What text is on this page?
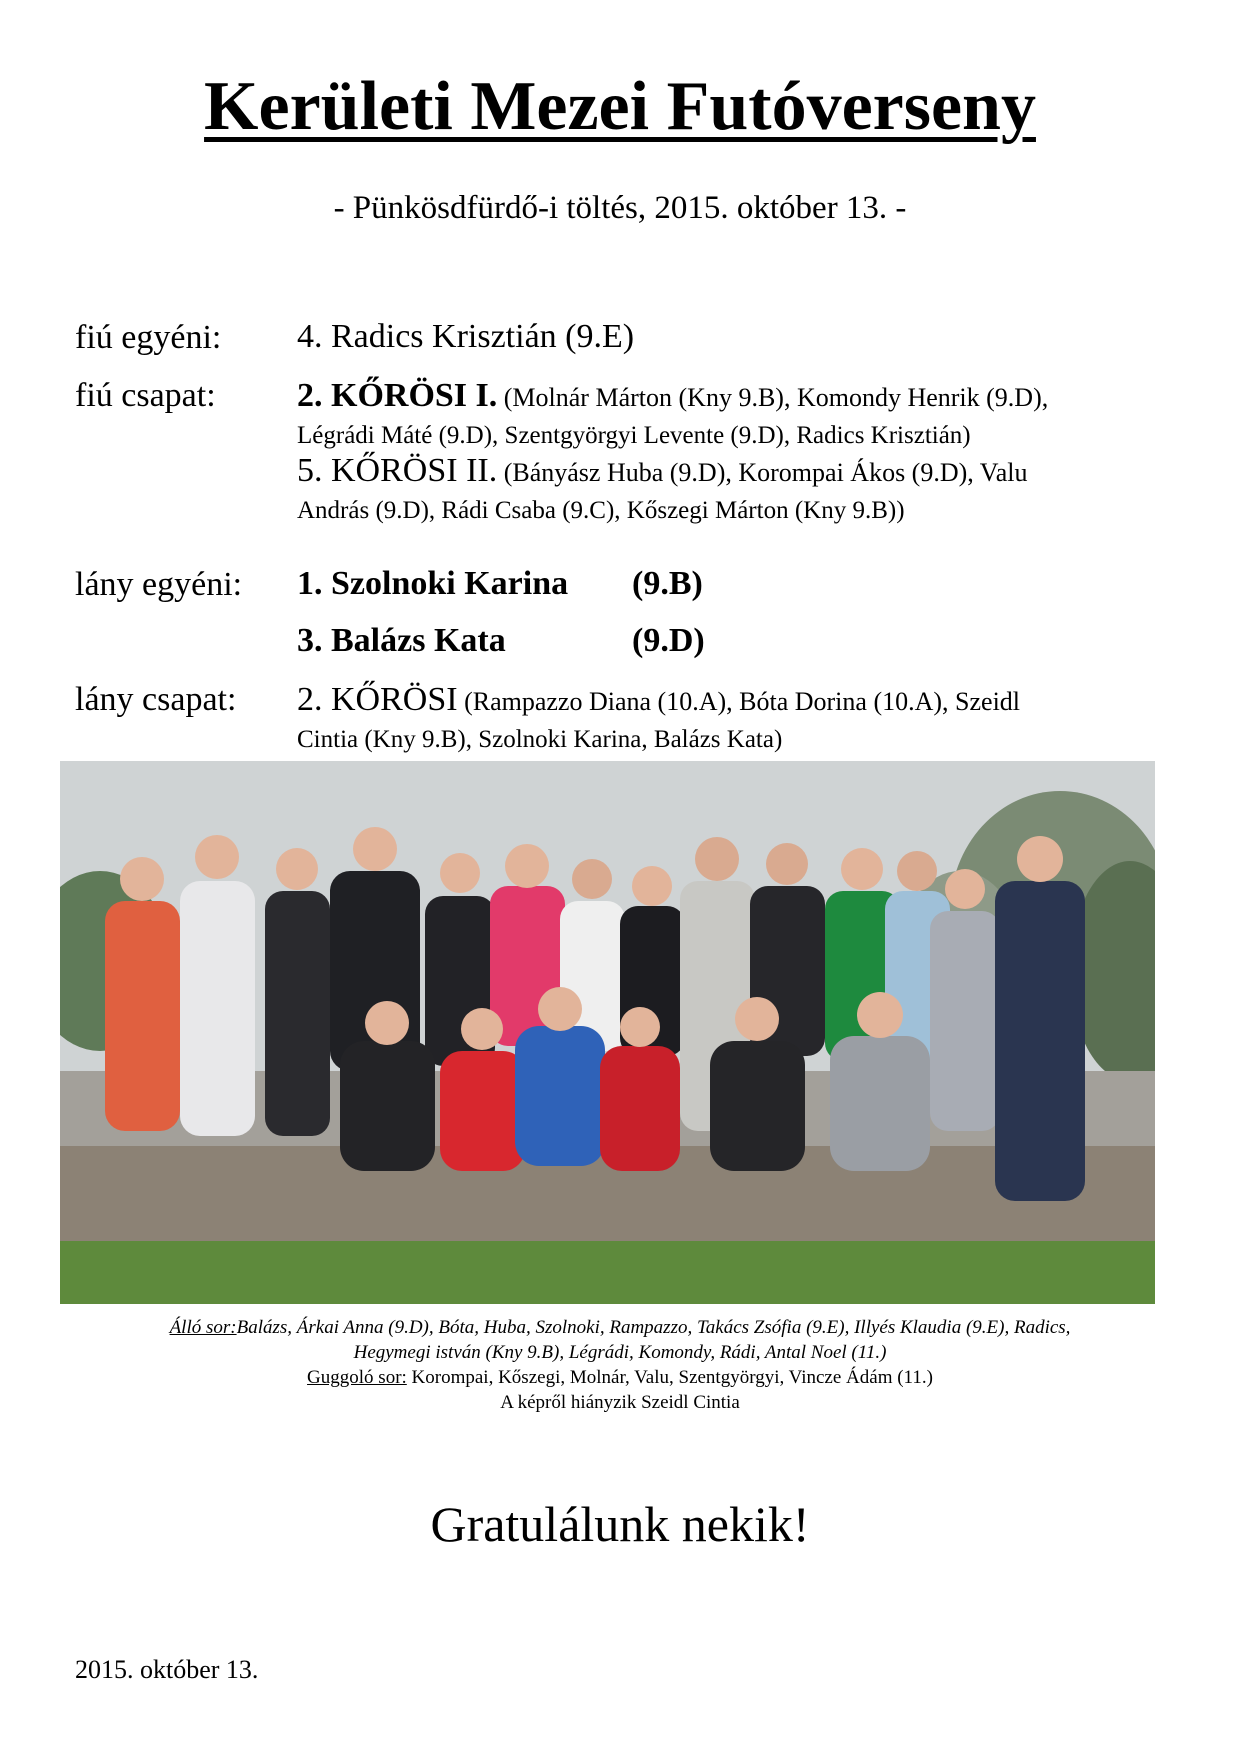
Kerületi Mezei Futóverseny
- Pünkösdfürdő-i töltés, 2015. október 13. -
fiú egyéni: 4. Radics Krisztián (9.E)
fiú csapat: 2. KŐRÖSI I. (Molnár Márton (Kny 9.B), Komondy Henrik (9.D),
Légrádi Máté (9.D), Szentgyörgyi Levente (9.D), Radics Krisztián)
5. KŐRÖSI II. (Bányász Huba (9.D), Korompai Ákos (9.D), Valu
András (9.D), Rádi Csaba (9.C), Kőszegi Márton (Kny 9.B))
lány egyéni: 1. Szolnoki Karina (9.B)
3. Balázs Kata	(9.D)
lány csapat: 2. KŐRÖSI (Rampazzo Diana (10.A), Bóta Dorina (10.A), Szeidl
Cintia (Kny 9.B), Szolnoki Karina, Balázs Kata)
Álló sor:Balázs, Árkai Anna (9.D), Bóta, Huba, Szolnoki, Rampazzo, Takács Zsófia (9.E), Illyés Klaudia (9.E), Radics,
Hegymegi istván (Kny 9.B), Légrádi, Komondy, Rádi, Antal Noel (11.)
Guggoló sor: Korompai, Kőszegi, Molnár, Valu, Szentgyörgyi, Vincze Ádám (11.)
A képről hiányzik Szeidl Cintia
Gratulálunk nekik!
2015. október 13.
